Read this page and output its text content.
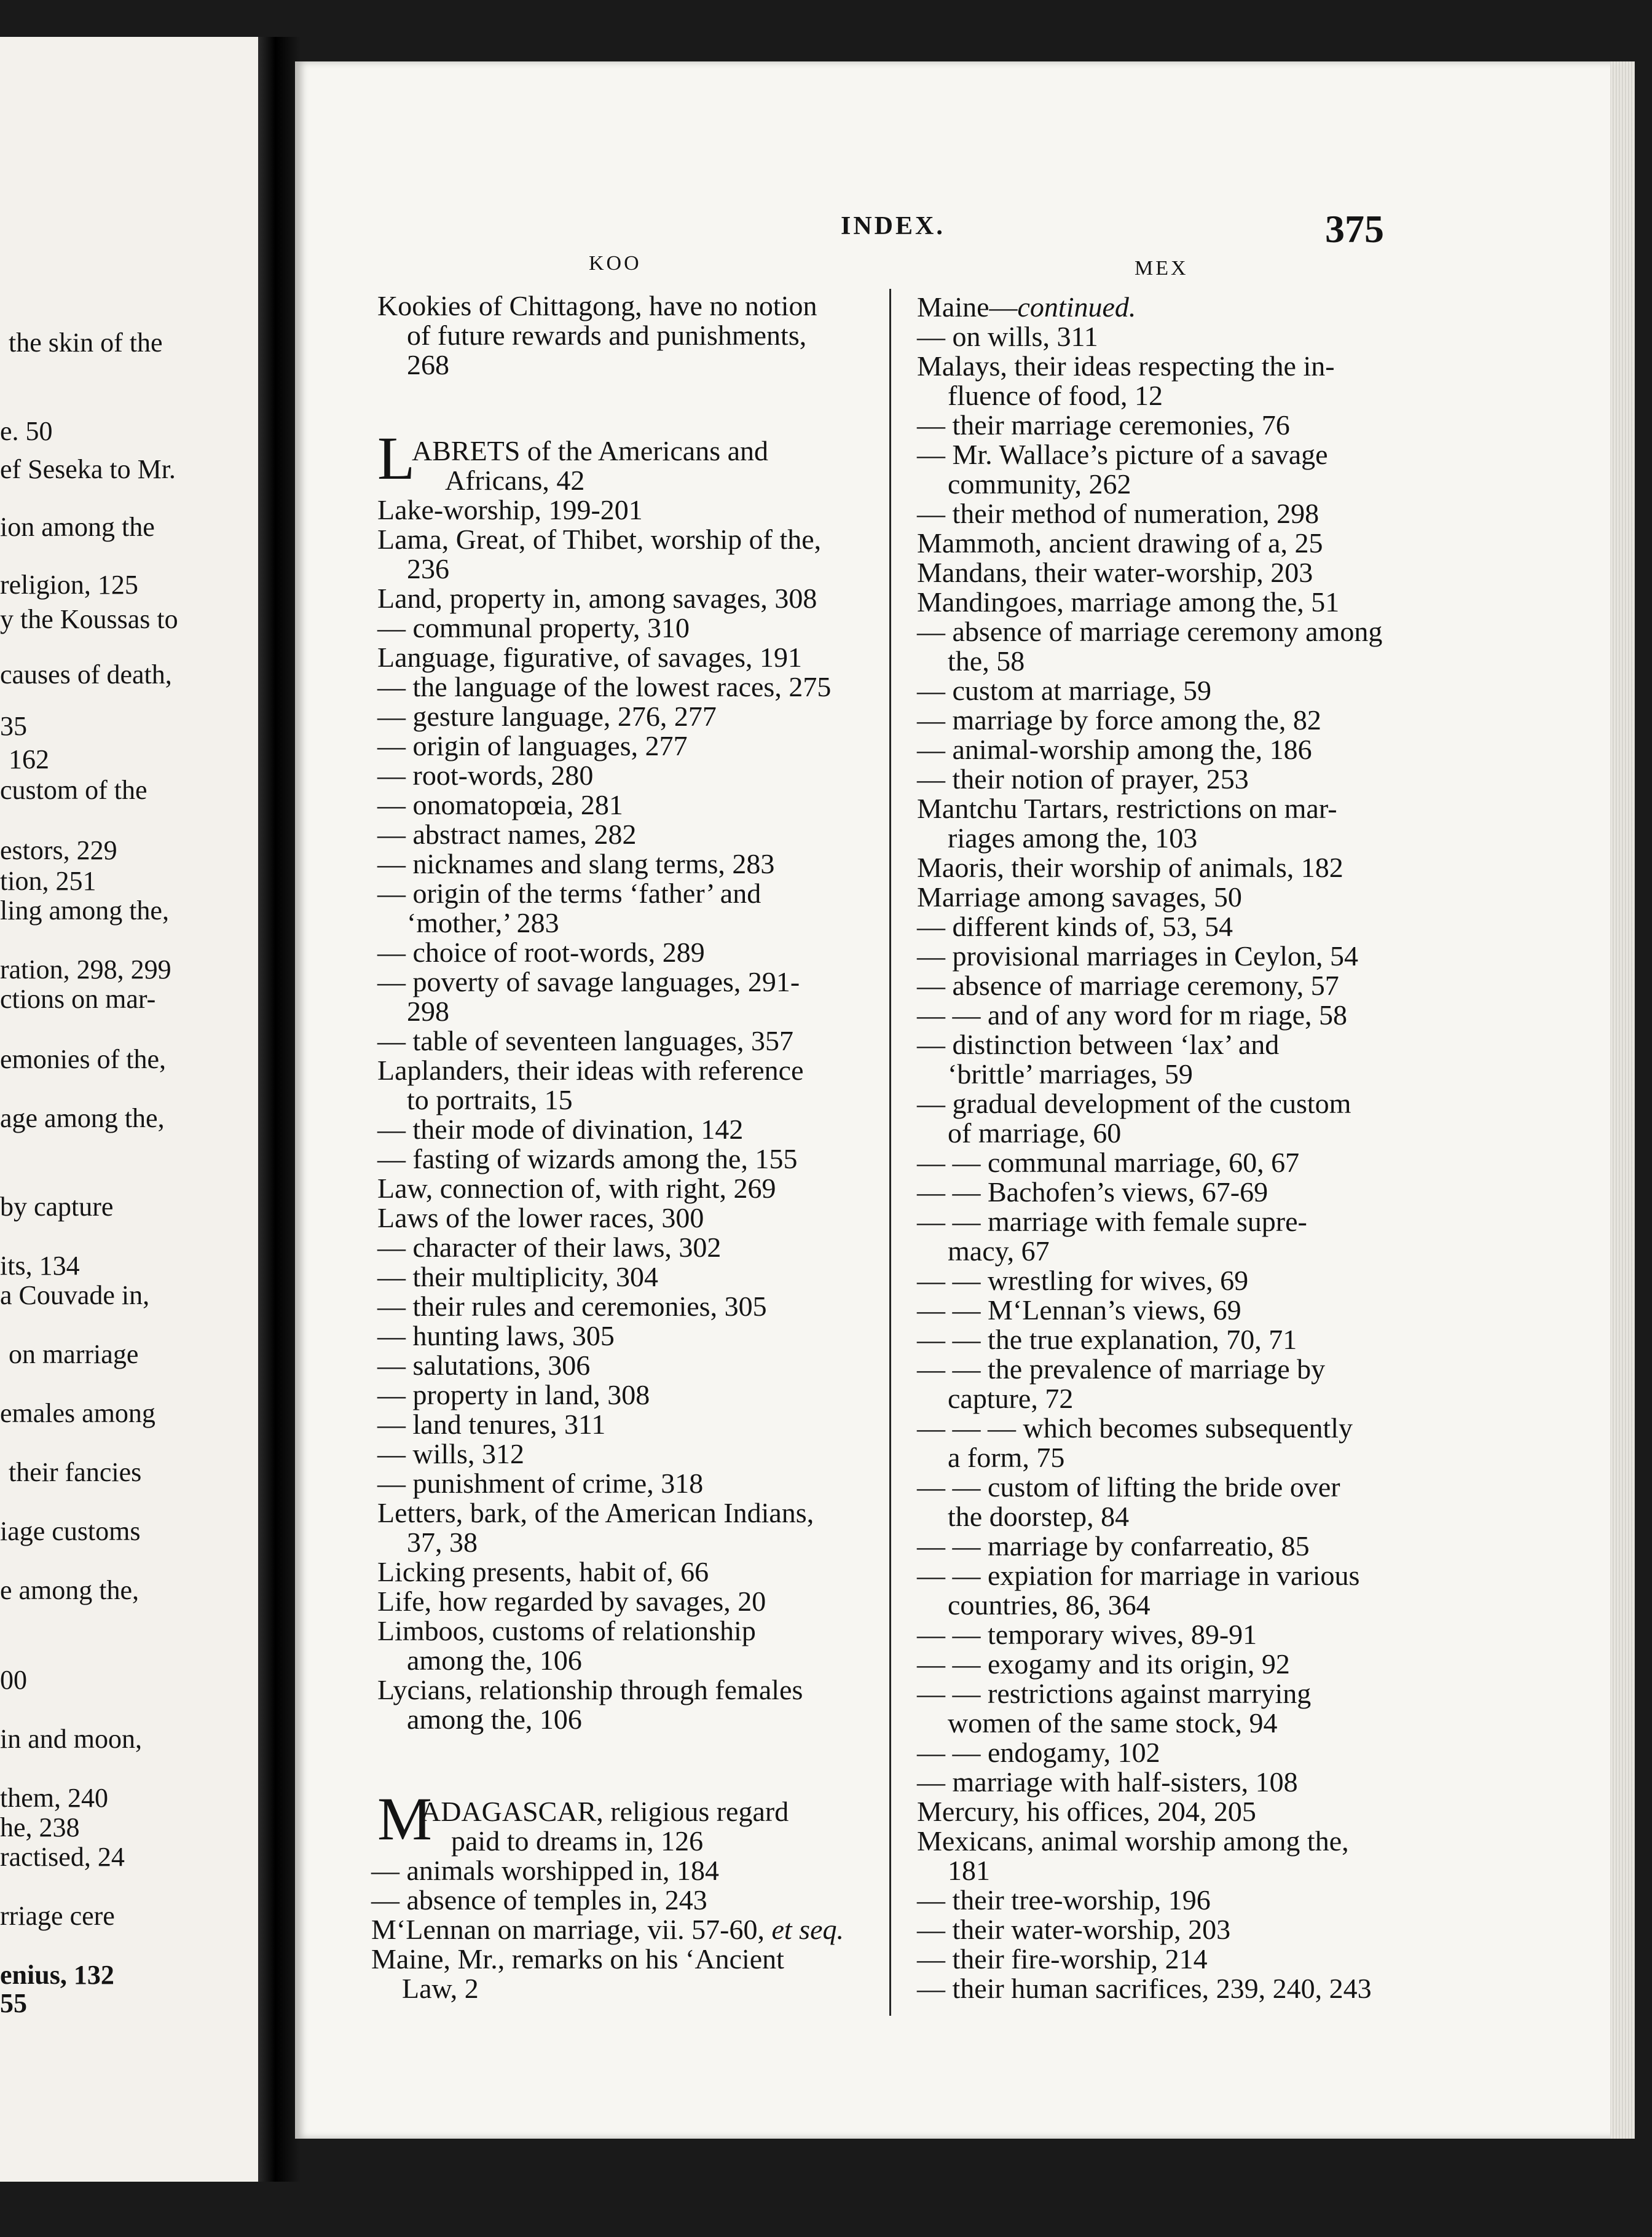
the skin of the
e. 50
ef Seseka to Mr.
ion among the
religion, 125
y the Koussas to
causes of death,
35
162
custom of the
estors, 229
tion, 251
ling among the,
ration, 298, 299
ctions on mar-
emonies of the,
age among the,
by capture
its, 134
a Couvade in,
on marriage
emales among
their fancies
iage customs
e among the,
00
in and moon,
them, 240
he, 238
ractised, 24
rriage cere
enius, 132
55
INDEX.	375
KOO	MEX
Kookies of Chittagong, have no notion
of future rewards and punishments,
268
L
ABRETS of the Americans and
Africans, 42
Lake-worship, 199-201
Lama, Great, of Thibet, worship of the,
236
Land, property in, among savages, 308
— communal property, 310
Language, figurative, of savages, 191
— the language of the lowest races, 275
— gesture language, 276, 277
— origin of languages, 277
— root-words, 280
— onomatopœia, 281
— abstract names, 282
— nicknames and slang terms, 283
— origin of the terms ‘father’ and
‘mother,’ 283
— choice of root-words, 289
— poverty of savage languages, 291-
298
— table of seventeen languages, 357
Laplanders, their ideas with reference
to portraits, 15
— their mode of divination, 142
— fasting of wizards among the, 155
Law, connection of, with right, 269
Laws of the lower races, 300
— character of their laws, 302
— their multiplicity, 304
— their rules and ceremonies, 305
— hunting laws, 305
— salutations, 306
— property in land, 308
— land tenures, 311
— wills, 312
— punishment of crime, 318
Letters, bark, of the American Indians,
37, 38
Licking presents, habit of, 66
Life, how regarded by savages, 20
Limboos, customs of relationship
among the, 106
Lycians, relationship through females
among the, 106
M
ADAGASCAR, religious regard
paid to dreams in, 126
— animals worshipped in, 184
— absence of temples in, 243
M‘Lennan on marriage, vii. 57-60, et seq.
Maine, Mr., remarks on his ‘Ancient
Law, 2
Maine—continued.
— on wills, 311
Malays, their ideas respecting the in-
fluence of food, 12
— their marriage ceremonies, 76
— Mr. Wallace’s picture of a savage
community, 262
— their method of numeration, 298
Mammoth, ancient drawing of a, 25
Mandans, their water-worship, 203
Mandingoes, marriage among the, 51
— absence of marriage ceremony among
the, 58
— custom at marriage, 59
— marriage by force among the, 82
— animal-worship among the, 186
— their notion of prayer, 253
Mantchu Tartars, restrictions on mar-
riages among the, 103
Maoris, their worship of animals, 182
Marriage among savages, 50
— different kinds of, 53, 54
— provisional marriages in Ceylon, 54
— absence of marriage ceremony, 57
— — and of any word for m riage, 58
— distinction between ‘lax’ and
‘brittle’ marriages, 59
— gradual development of the custom
of marriage, 60
— — communal marriage, 60, 67
— — Bachofen’s views, 67-69
— — marriage with female supre-
macy, 67
— — wrestling for wives, 69
— — M‘Lennan’s views, 69
— — the true explanation, 70, 71
— — the prevalence of marriage by
capture, 72
— — — which becomes subsequently
a form, 75
— — custom of lifting the bride over
the doorstep, 84
— — marriage by confarreatio, 85
— — expiation for marriage in various
countries, 86, 364
— — temporary wives, 89-91
— — exogamy and its origin, 92
— — restrictions against marrying
women of the same stock, 94
— — endogamy, 102
— marriage with half-sisters, 108
Mercury, his offices, 204, 205
Mexicans, animal worship among the,
181
— their tree-worship, 196
— their water-worship, 203
— their fire-worship, 214
— their human sacrifices, 239, 240, 243
